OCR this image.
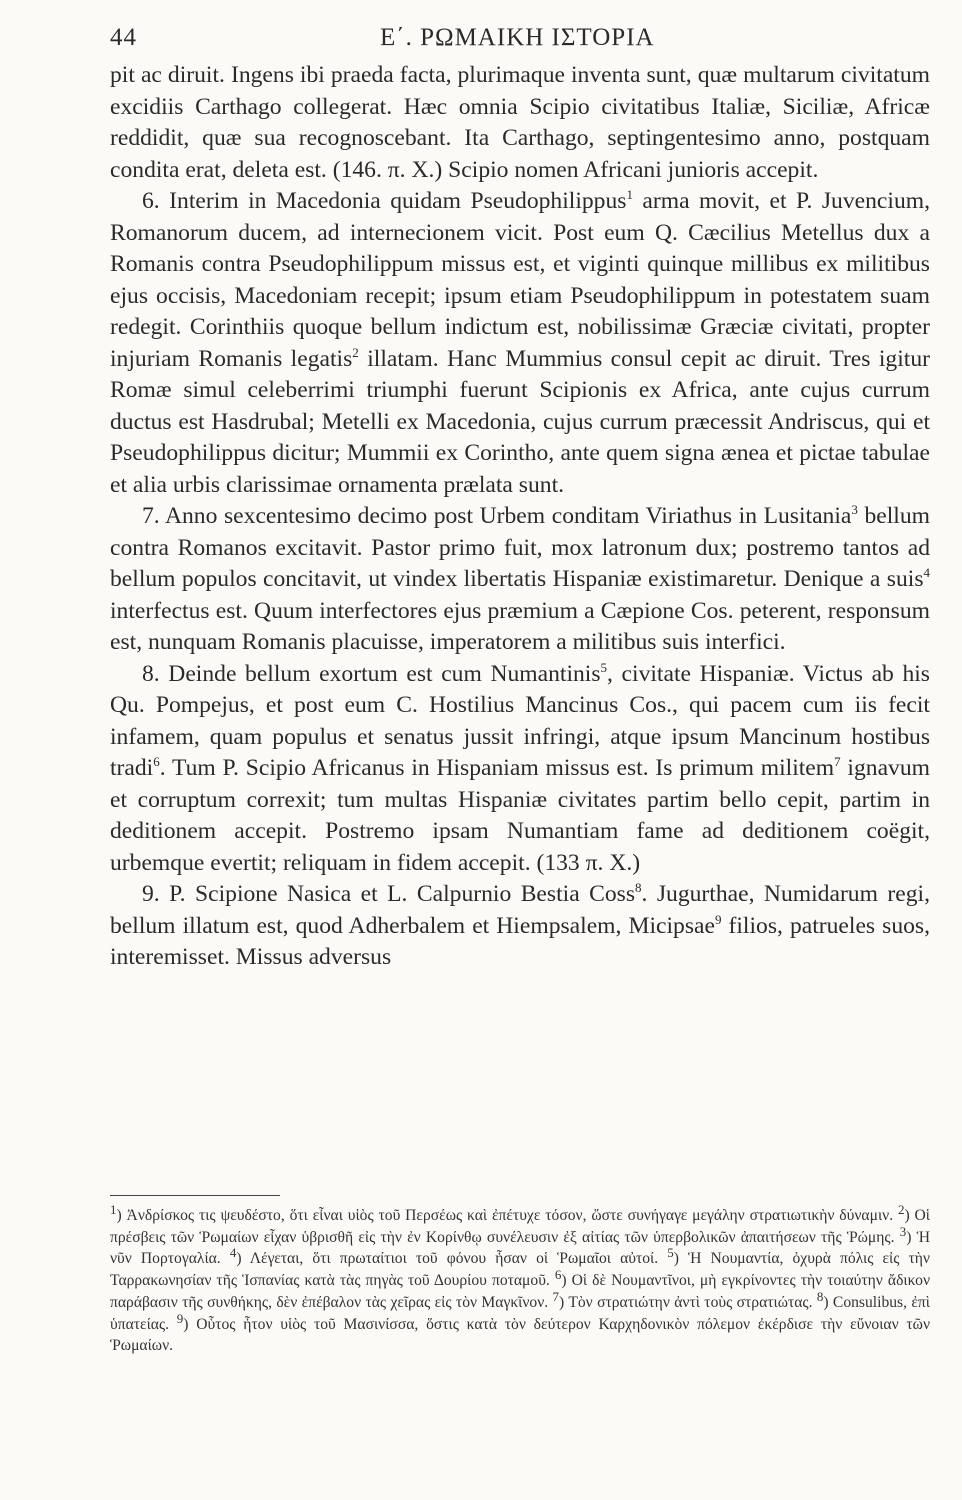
44	Ε΄. ΡΩΜΑΙΚΗ ΙΣΤΟΡΙΑ

pit ac diruit. Ingens ibi praeda facta, plurimaque inventa sunt, quæ multarum civitatum excidiis Carthago collegerat. Hæc omnia Scipio civitatibus Italiæ, Siciliæ, Africæ reddidit, quæ sua recognoscebant. Ita Carthago, septingentesimo anno, postquam condita erat, deleta est. (146. π. X.) Scipio nomen Africani junioris accepit.

6. Interim in Macedonia quidam Pseudophilippus$^1$ arma movit, et P. Juvencium, Romanorum ducem, ad internecionem vicit. Post eum Q. Cæcilius Metellus dux a Romanis contra Pseudophilippum missus est, et viginti quinque millibus ex militibus ejus occisis, Macedoniam recepit; ipsum etiam Pseudophilippum in potestatem suam redegit. Corinthiis quoque bellum indictum est, nobilissimæ Græciæ civitati, propter injuriam Romanis legatis$^2$ illatam. Hanc Mummius consul cepit ac diruit. Tres igitur Romæ simul celeberrimi triumphi fuerunt Scipionis ex Africa, ante cujus currum ductus est Hasdrubal; Metelli ex Macedonia, cujus currum præcessit Andriscus, qui et Pseudophilippus dicitur; Mummii ex Corintho, ante quem signa ænea et pictae tabulae et alia urbis clarissimae ornamenta prælata sunt.

7. Anno sexcentesimo decimo post Urbem conditam Viriathus in Lusitania$^3$ bellum contra Romanos excitavit. Pastor primo fuit, mox latronum dux; postremo tantos ad bellum populos concitavit, ut vindex libertatis Hispaniæ existimaretur. Denique a suis$^4$ interfectus est. Quum interfectores ejus præmium a Cæpione Cos. peterent, responsum est, nunquam Romanis placuisse, imperatorem a militibus suis interfici.

8. Deinde bellum exortum est cum Numantinis$^5$, civitate Hispaniæ. Victus ab his Qu. Pompejus, et post eum C. Hostilius Mancinus Cos., qui pacem cum iis fecit infamem, quam populus et senatus jussit infringi, atque ipsum Mancinum hostibus tradi$^6$. Tum P. Scipio Africanus in Hispaniam missus est. Is primum militem$^7$ ignavum et corruptum correxit; tum multas Hispaniæ civitates partim bello cepit, partim in deditionem accepit. Postremo ipsam Numantiam fame ad deditionem coëgit, urbemque evertit; reliquam in fidem accepit. (133 π. X.)

9. P. Scipione Nasica et L. Calpurnio Bestia Coss$^8$. Jugurthae, Numidarum regi, bellum illatum est, quod Adherbalem et Hiempsalem, Micipsae$^9$ filios, patrueles suos, interemisset. Missus adversus

$^1$) Ἀνδρίσκος τις ψευδέστο, ὅτι εἶναι υἱὸς τοῦ Περσέως καὶ ἐπέτυχε τόσον, ὥστε συνήγαγε μεγάλην στρατιωτικὴν δύναμιν. $^2$) Οἱ πρέσβεις τῶν Ῥωμαίων εἶχαν ὑβρισθῆ εἰς τὴν ἐν Κορίνθῳ συνέλευσιν ἐξ αἰτίας τῶν ὑπερβολικῶν ἀπαιτήσεων τῆς Ῥώμης. $^3$) Ἡ νῦν Πορτογαλία. $^4$) Λέγεται, ὅτι πρωταίτιοι τοῦ φόνου ἦσαν οἱ Ῥωμαῖοι αὐτοί. $^5$) Ἡ Νουμαντία, ὀχυρὰ πόλις εἰς τὴν Ταρρακωνησίαν τῆς Ἱσπανίας κατὰ τὰς πηγὰς τοῦ Δουρίου ποταμοῦ. $^6$) Οἱ δὲ Νουμαντῖνοι, μὴ εγκρίνοντες τὴν τοιαύτην ἄδικον παράβασιν τῆς συνθήκης, δὲν ἐπέβαλον τὰς χεῖρας εἰς τὸν Μαγκῖνον. $^7$) Τὸν στρατιώτην ἀντὶ τοὺς στρατιώτας. $^8$) Consulibus, ἐπὶ ὑπατείας. $^9$) Οὗτος ἦτον υἱὸς τοῦ Μασινίσσα, ὅστις κατὰ τὸν δεύτερον Καρχηδονικὸν πόλεμον ἐκέρδισε τὴν εὔνοιαν τῶν Ῥωμαίων.
